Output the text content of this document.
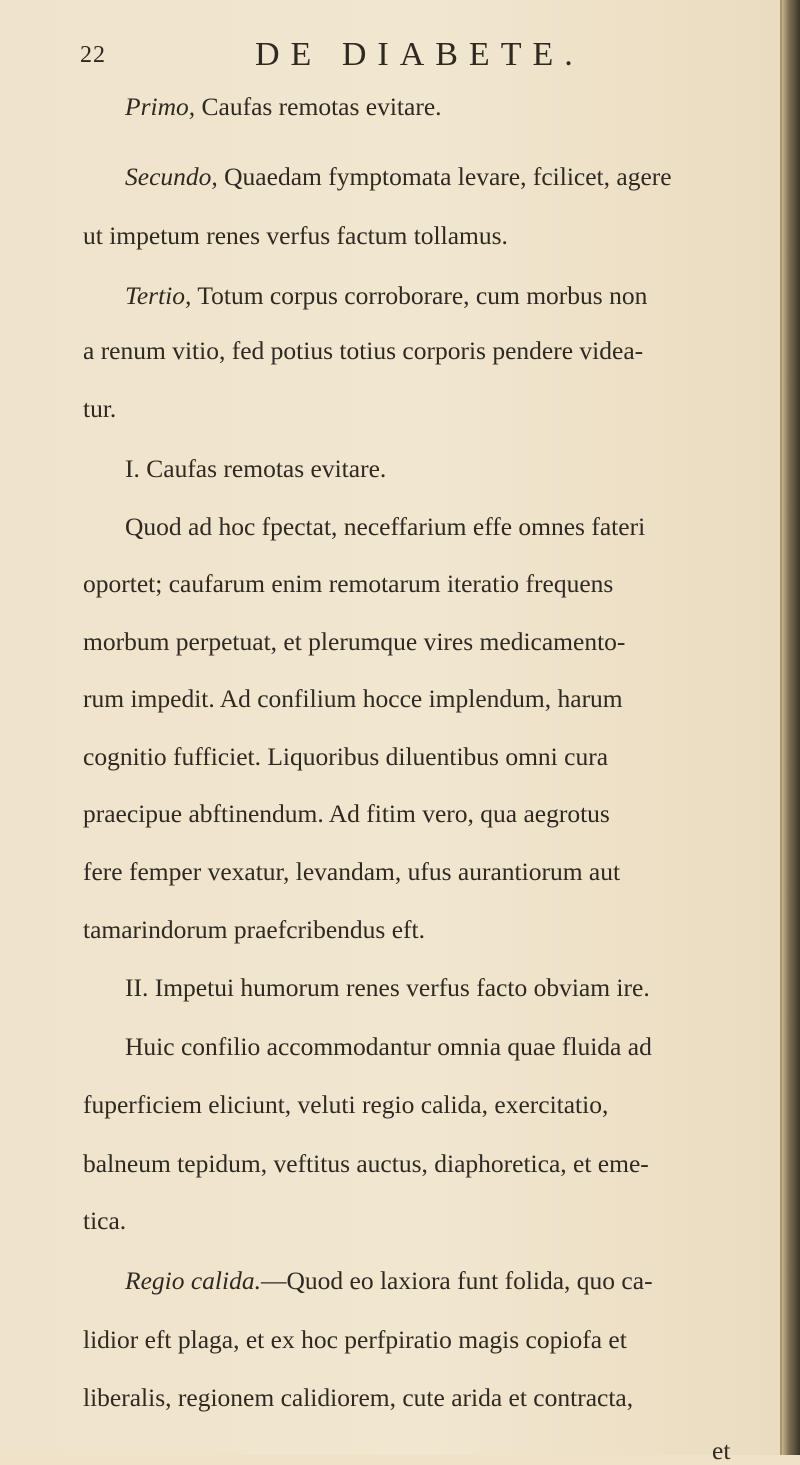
22	DE DIABETE.
Primo, Caufas remotas evitare.
Secundo, Quaedam fymptomata levare, fcilicet, agere
ut impetum renes verfus factum tollamus.
Tertio, Totum corpus corroborare, cum morbus non
a renum vitio, fed potius totius corporis pendere videa-
tur.
I. Caufas remotas evitare.
Quod ad hoc fpectat, neceffarium effe omnes fateri
oportet; caufarum enim remotarum iteratio frequens
morbum perpetuat, et plerumque vires medicamento-
rum impedit. Ad confilium hocce implendum, harum
cognitio fufficiet. Liquoribus diluentibus omni cura
praecipue abftinendum. Ad fitim vero, qua aegrotus
fere femper vexatur, levandam, ufus aurantiorum aut
tamarindorum praefcribendus eft.
II. Impetui humorum renes verfus facto obviam ire.
Huic confilio accommodantur omnia quae fluida ad
fuperficiem eliciunt, veluti regio calida, exercitatio,
balneum tepidum, veftitus auctus, diaphoretica, et eme-
tica.
Regio calida.—Quod eo laxiora funt folida, quo ca-
lidior eft plaga, et ex hoc perfpiratio magis copiofa et
liberalis, regionem calidiorem, cute arida et contracta,
et
